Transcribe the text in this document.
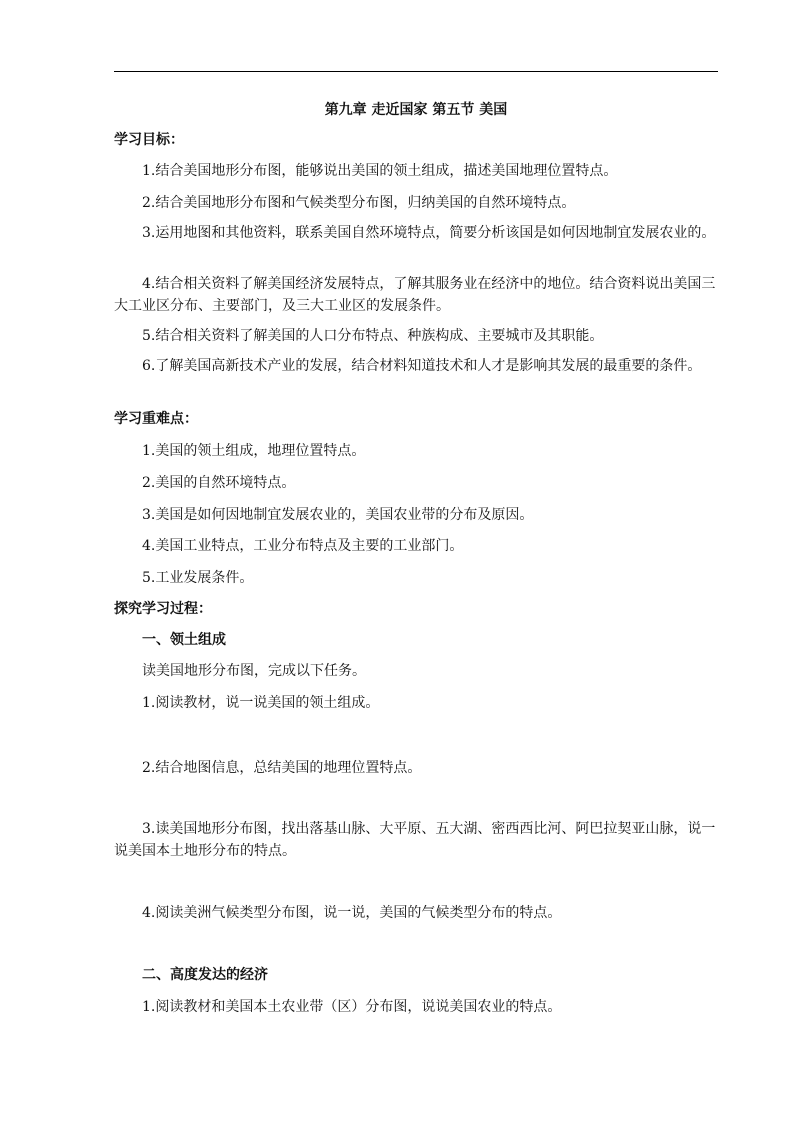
第九章 走近国家 第五节 美国
学习目标：
1.结合美国地形分布图，能够说出美国的领土组成，描述美国地理位置特点。
2.结合美国地形分布图和气候类型分布图，归纳美国的自然环境特点。
3.运用地图和其他资料，联系美国自然环境特点，简要分析该国是如何因地制宜发展农业的。
4.结合相关资料了解美国经济发展特点，了解其服务业在经济中的地位。结合资料说出美国三大工业区分布、主要部门，及三大工业区的发展条件。
5.结合相关资料了解美国的人口分布特点、种族构成、主要城市及其职能。
6.了解美国高新技术产业的发展，结合材料知道技术和人才是影响其发展的最重要的条件。
学习重难点：
1.美国的领土组成，地理位置特点。
2.美国的自然环境特点。
3.美国是如何因地制宜发展农业的，美国农业带的分布及原因。
4.美国工业特点，工业分布特点及主要的工业部门。
5.工业发展条件。
探究学习过程：
一、领土组成
读美国地形分布图，完成以下任务。
1.阅读教材，说一说美国的领土组成。
2.结合地图信息，总结美国的地理位置特点。
3.读美国地形分布图，找出落基山脉、大平原、五大湖、密西西比河、阿巴拉契亚山脉，说一说美国本土地形分布的特点。
4.阅读美洲气候类型分布图，说一说，美国的气候类型分布的特点。
二、高度发达的经济
1.阅读教材和美国本土农业带（区）分布图，说说美国农业的特点。
